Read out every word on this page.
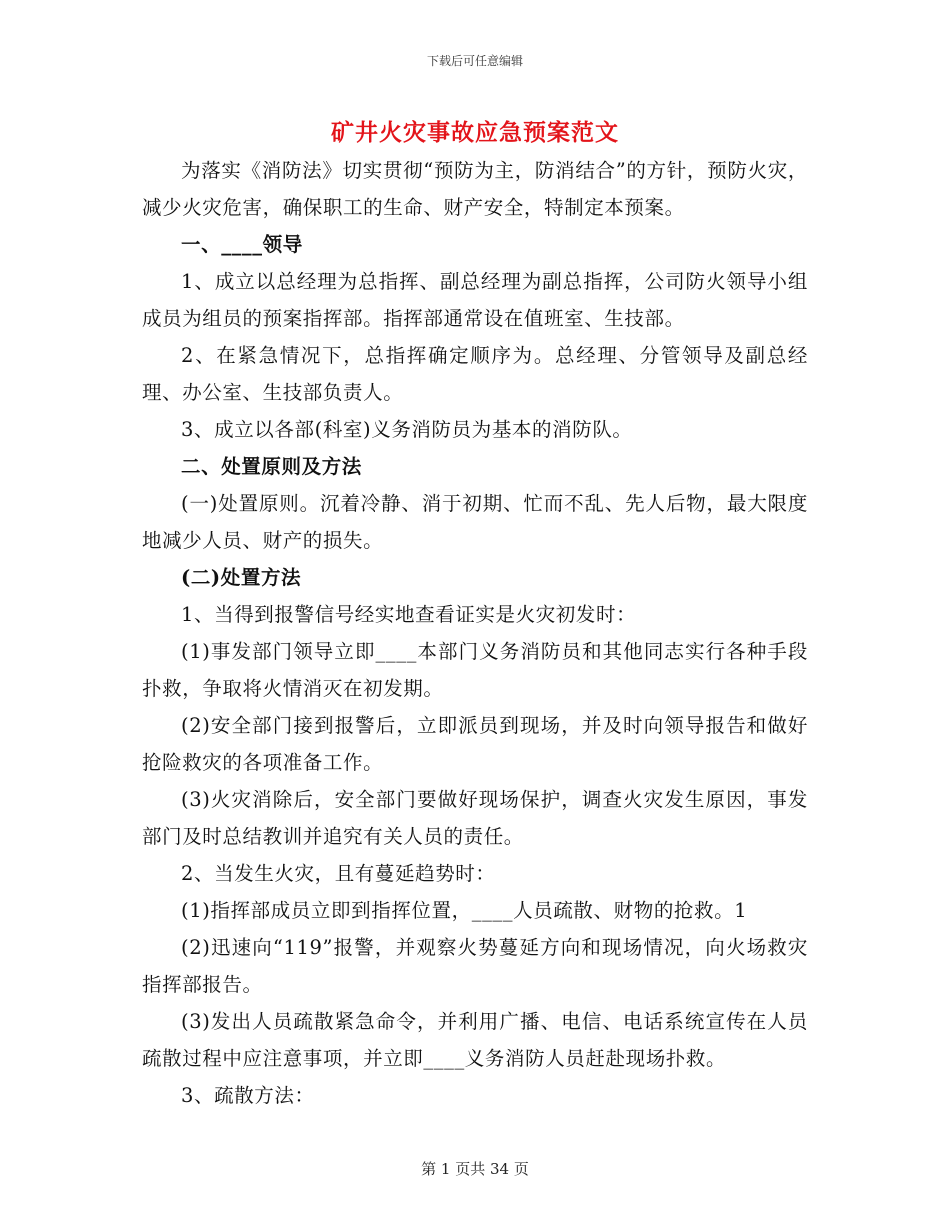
下载后可任意编辑
矿井火灾事故应急预案范文

为落实《消防法》切实贯彻“预防为主，防消结合”的方针，预防火灾，减少火灾危害，确保职工的生命、财产安全，特制定本预案。

一、____领导

1、成立以总经理为总指挥、副总经理为副总指挥，公司防火领导小组成员为组员的预案指挥部。指挥部通常设在值班室、生技部。

2、在紧急情况下，总指挥确定顺序为。总经理、分管领导及副总经理、办公室、生技部负责人。

3、成立以各部(科室)义务消防员为基本的消防队。

二、处置原则及方法

(一)处置原则。沉着冷静、消于初期、忙而不乱、先人后物，最大限度地减少人员、财产的损失。

(二)处置方法

1、当得到报警信号经实地查看证实是火灾初发时：

(1)事发部门领导立即____本部门义务消防员和其他同志实行各种手段扑救，争取将火情消灭在初发期。

(2)安全部门接到报警后，立即派员到现场，并及时向领导报告和做好抢险救灾的各项准备工作。

(3)火灾消除后，安全部门要做好现场保护，调查火灾发生原因，事发部门及时总结教训并追究有关人员的责任。

2、当发生火灾，且有蔓延趋势时：

(1)指挥部成员立即到指挥位置，____人员疏散、财物的抢救。1

(2)迅速向“119”报警，并观察火势蔓延方向和现场情况，向火场救灾指挥部报告。

(3)发出人员疏散紧急命令，并利用广播、电信、电话系统宣传在人员疏散过程中应注意事项，并立即____义务消防人员赶赴现场扑救。

3、疏散方法：

第 1 页共 34 页
